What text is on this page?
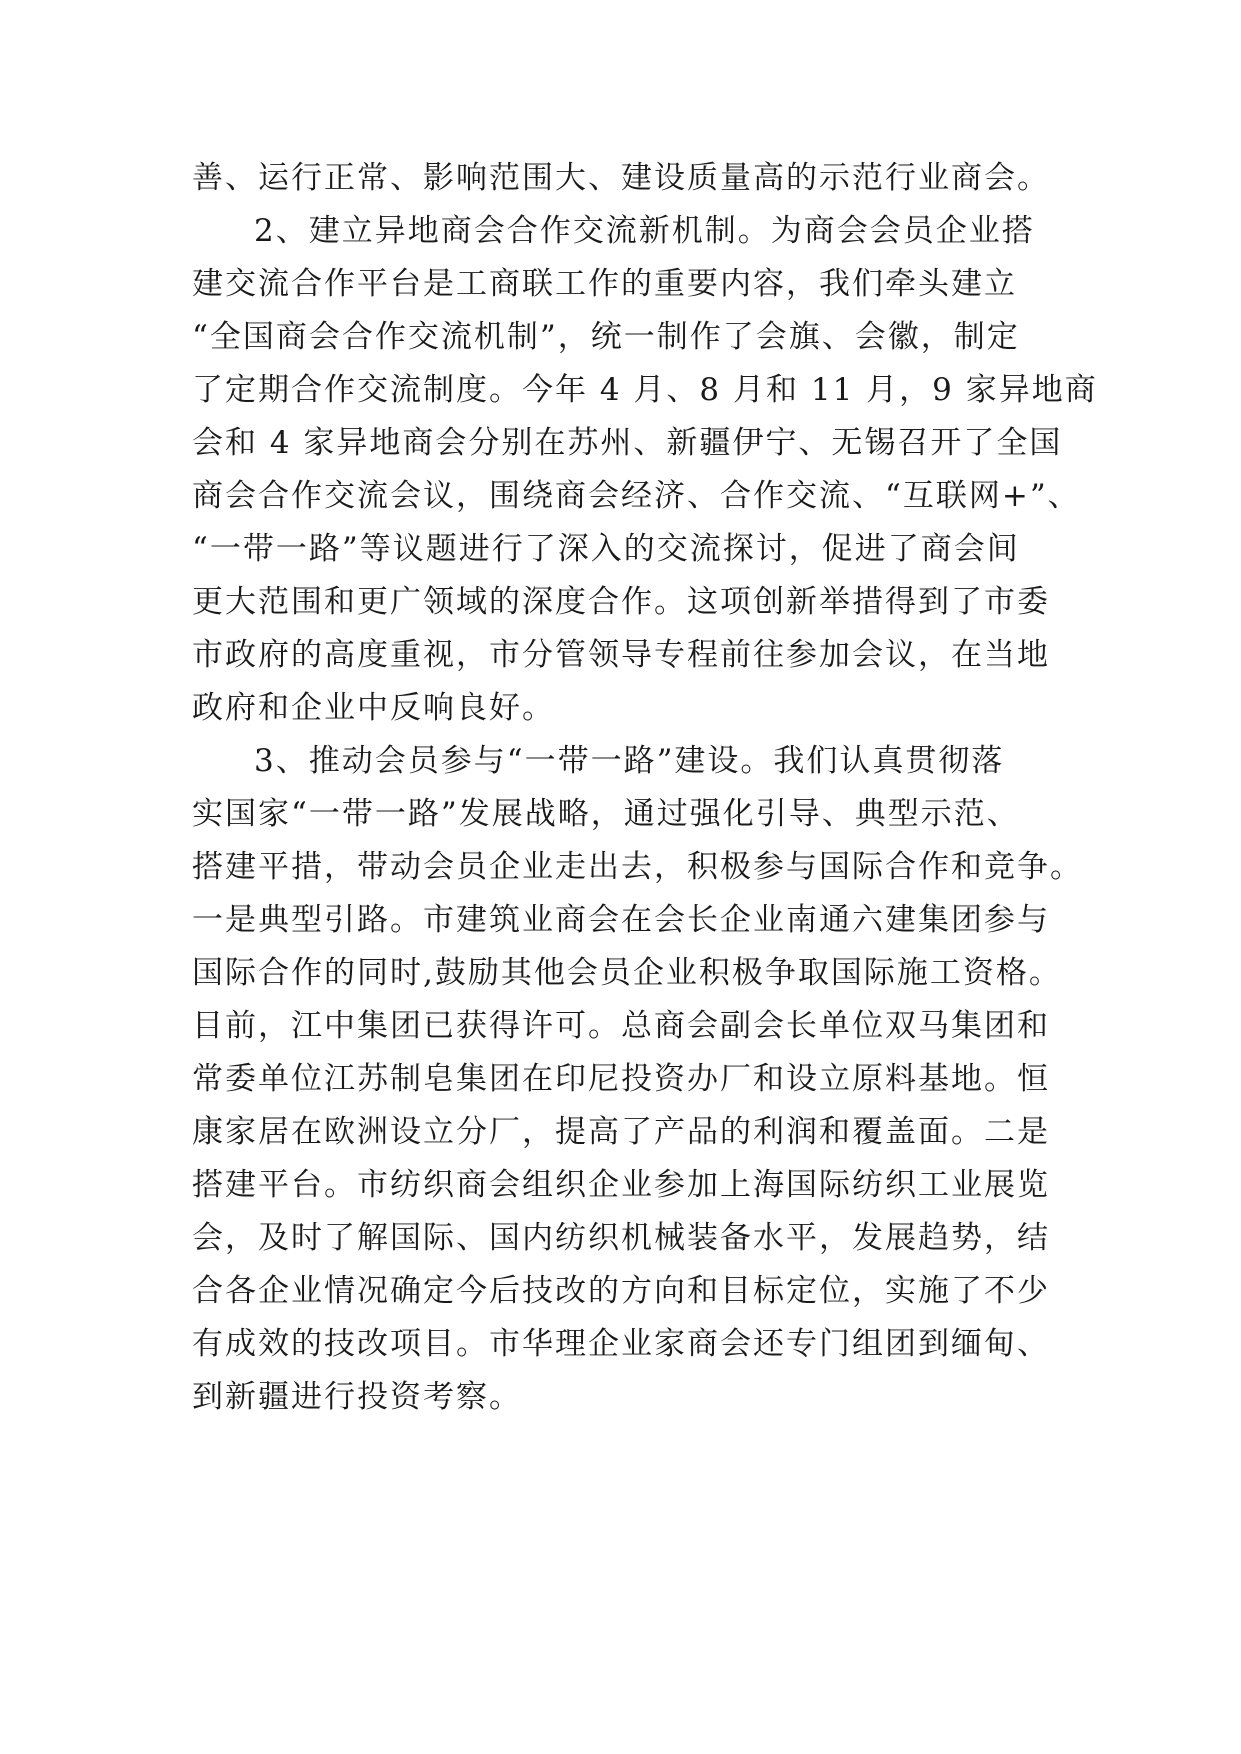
善、运行正常、影响范围大、建设质量高的示范行业商会。
2、建立异地商会合作交流新机制。为商会会员企业搭
建交流合作平台是工商联工作的重要内容，我们牵头建立
“全国商会合作交流机制”，统一制作了会旗、会徽，制定
了定期合作交流制度。今年 4 月、8 月和 11 月，9 家异地商
会和 4 家异地商会分别在苏州、新疆伊宁、无锡召开了全国
商会合作交流会议，围绕商会经济、合作交流、“互联网+”、
“一带一路”等议题进行了深入的交流探讨，促进了商会间
更大范围和更广领域的深度合作。这项创新举措得到了市委
市政府的高度重视，市分管领导专程前往参加会议，在当地
政府和企业中反响良好。
3、推动会员参与“一带一路”建设。我们认真贯彻落
实国家“一带一路”发展战略，通过强化引导、典型示范、
搭建平措，带动会员企业走出去，积极参与国际合作和竞争。
一是典型引路。市建筑业商会在会长企业南通六建集团参与
国际合作的同时,鼓励其他会员企业积极争取国际施工资格。
目前，江中集团已获得许可。总商会副会长单位双马集团和
常委单位江苏制皂集团在印尼投资办厂和设立原料基地。恒
康家居在欧洲设立分厂，提高了产品的利润和覆盖面。二是
搭建平台。市纺织商会组织企业参加上海国际纺织工业展览
会，及时了解国际、国内纺织机械装备水平，发展趋势，结
合各企业情况确定今后技改的方向和目标定位，实施了不少
有成效的技改项目。市华理企业家商会还专门组团到缅甸、
到新疆进行投资考察。
